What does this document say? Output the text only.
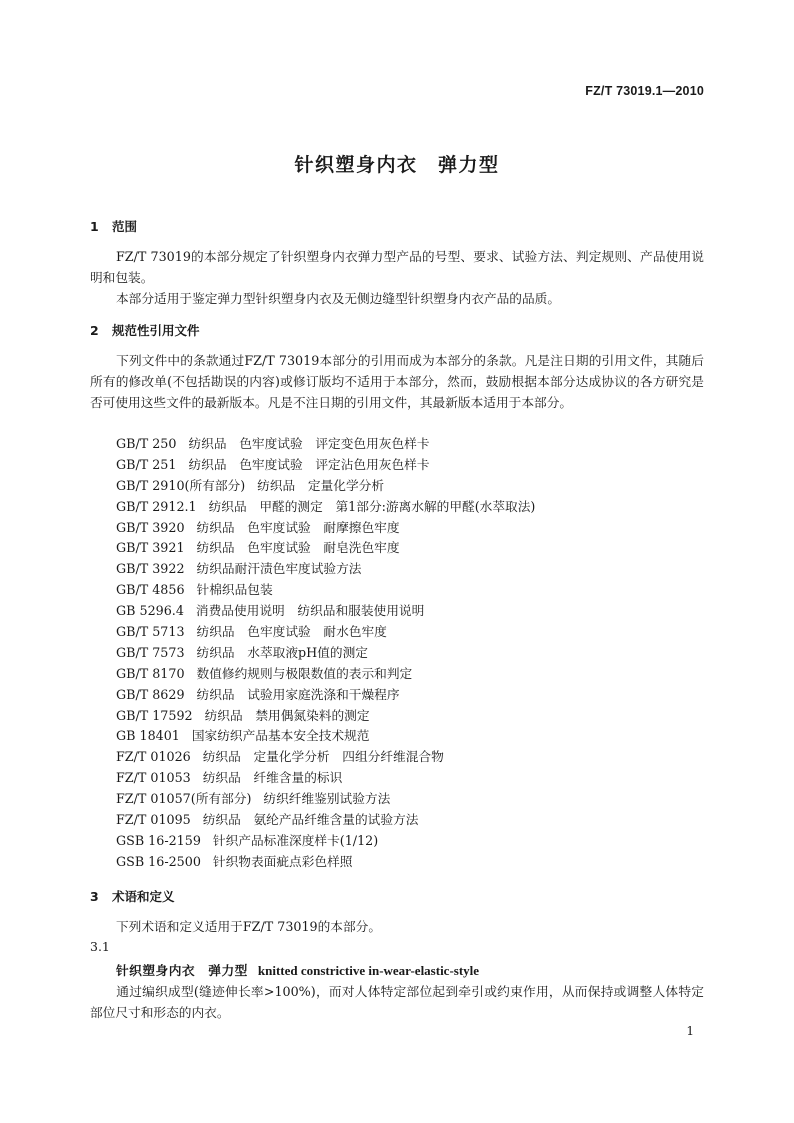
FZ/T 73019.1—2010
针织塑身内衣　弹力型
1 范围
FZ/T 73019的本部分规定了针织塑身内衣弹力型产品的号型、要求、试验方法、判定规则、产品使用说明和包装。
本部分适用于鉴定弹力型针织塑身内衣及无侧边缝型针织塑身内衣产品的品质。
2 规范性引用文件
下列文件中的条款通过FZ/T 73019本部分的引用而成为本部分的条款。凡是注日期的引用文件，其随后所有的修改单(不包括勘误的内容)或修订版均不适用于本部分，然而，鼓励根据本部分达成协议的各方研究是否可使用这些文件的最新版本。凡是不注日期的引用文件，其最新版本适用于本部分。
GB/T 250 纺织品　色牢度试验　评定变色用灰色样卡
GB/T 251 纺织品　色牢度试验　评定沾色用灰色样卡
GB/T 2910(所有部分) 纺织品　定量化学分析
GB/T 2912.1 纺织品　甲醛的测定　第1部分:游离水解的甲醛(水萃取法)
GB/T 3920 纺织品　色牢度试验　耐摩擦色牢度
GB/T 3921 纺织品　色牢度试验　耐皂洗色牢度
GB/T 3922 纺织品耐汗渍色牢度试验方法
GB/T 4856 针棉织品包装
GB 5296.4 消费品使用说明　纺织品和服装使用说明
GB/T 5713 纺织品　色牢度试验　耐水色牢度
GB/T 7573 纺织品　水萃取液pH值的测定
GB/T 8170 数值修约规则与极限数值的表示和判定
GB/T 8629 纺织品　试验用家庭洗涤和干燥程序
GB/T 17592 纺织品　禁用偶氮染料的测定
GB 18401 国家纺织产品基本安全技术规范
FZ/T 01026 纺织品　定量化学分析　四组分纤维混合物
FZ/T 01053 纺织品　纤维含量的标识
FZ/T 01057(所有部分) 纺织纤维鉴别试验方法
FZ/T 01095 纺织品　氨纶产品纤维含量的试验方法
GSB 16-2159 针织产品标准深度样卡(1/12)
GSB 16-2500 针织物表面疵点彩色样照
3 术语和定义
下列术语和定义适用于FZ/T 73019的本部分。
3.1
针织塑身内衣　弹力型 knitted constrictive in-wear-elastic-style
通过编织成型(缝迹伸长率>100%)，而对人体特定部位起到牵引或约束作用，从而保持或调整人体特定部位尺寸和形态的内衣。
1
